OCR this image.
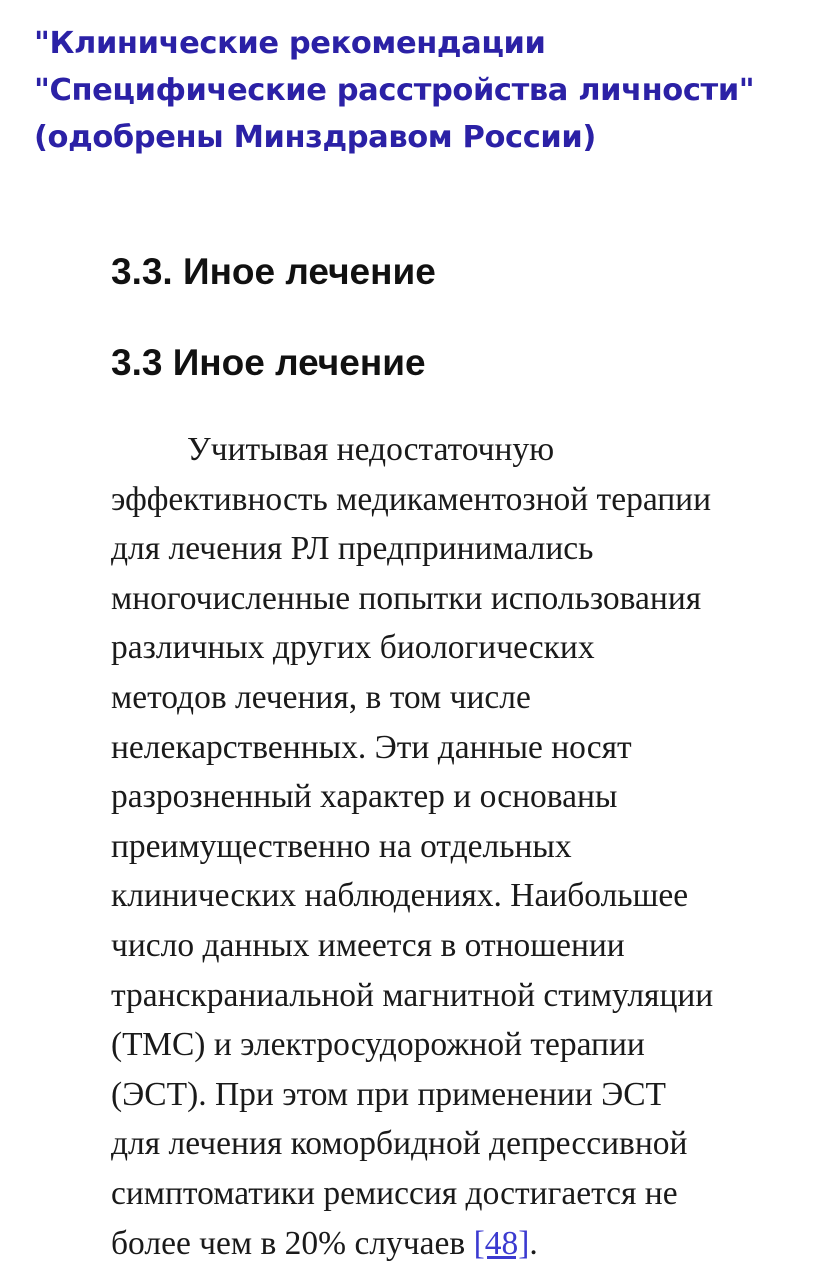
"Клинические рекомендации
"Специфические расстройства личности"
(одобрены Минздравом России)
3.3. Иное лечение
3.3 Иное лечение

Учитывая недостаточную
эффективность медикаментозной терапии
для лечения РЛ предпринимались
многочисленные попытки использования
различных других биологических
методов лечения, в том числе
нелекарственных. Эти данные носят
разрозненный характер и основаны
преимущественно на отдельных
клинических наблюдениях. Наибольшее
число данных имеется в отношении
транскраниальной магнитной стимуляции
(ТМС) и электросудорожной терапии
(ЭСТ). При этом при применении ЭСТ
для лечения коморбидной депрессивной
симптоматики ремиссия достигается не
более чем в 20% случаев [48].
